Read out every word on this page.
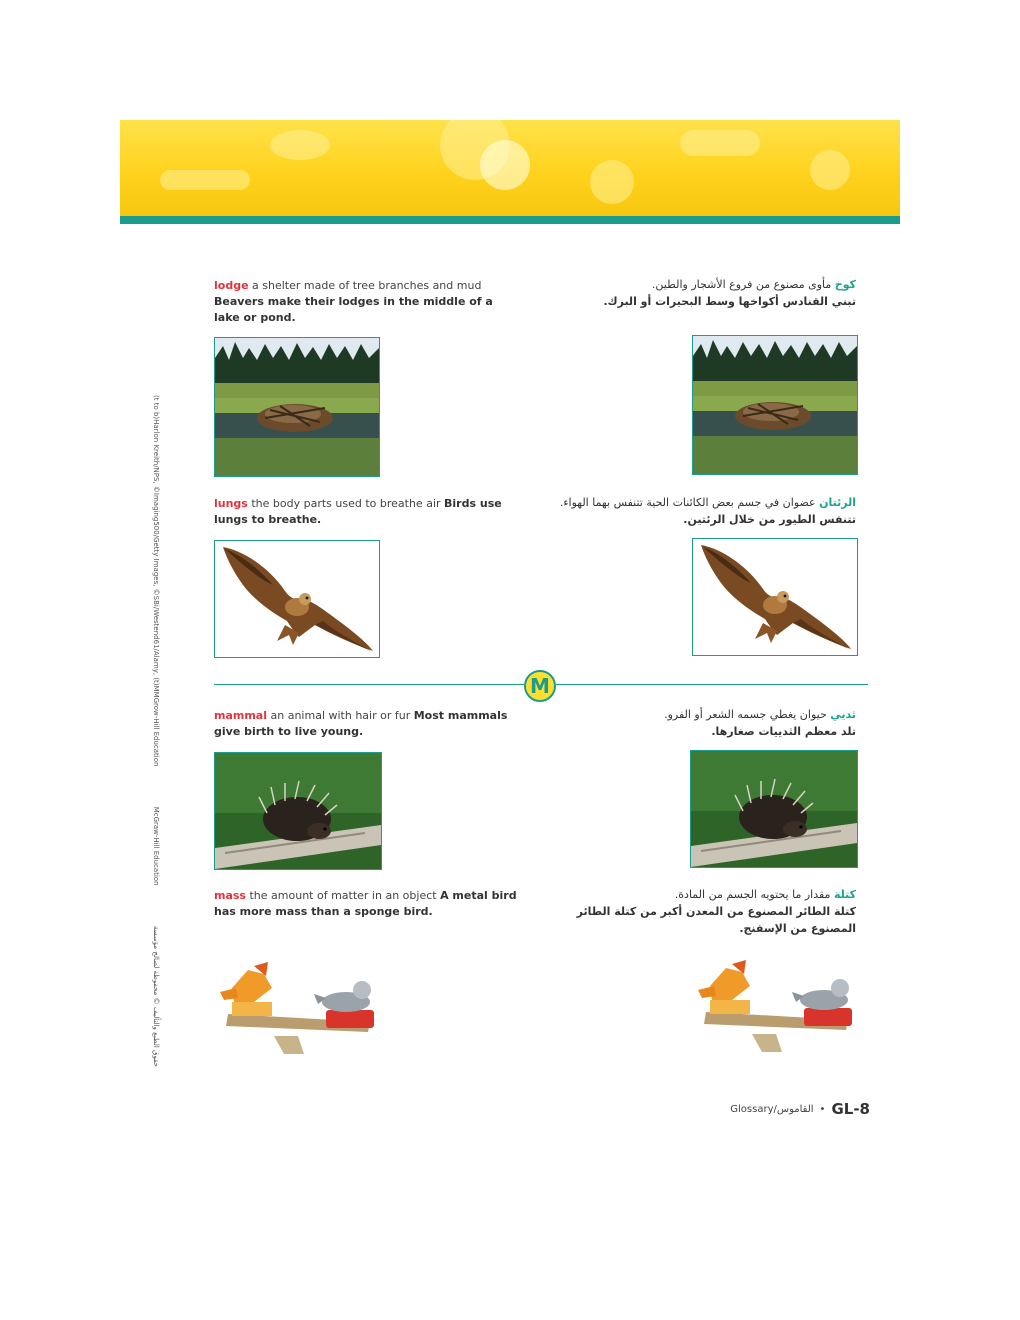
(t to b)Harlon Kreith/NPS, ©Imaging500/Getty Images, ©SBi/Westend61/Alamy, (t)MMGrow-Hill Education McGraw-Hill Education حقوق الطبع والتأليف © محفوظة لصالح مؤسسة
lodge a shelter made of tree branches and mud Beavers make their lodges in the middle of a lake or pond.
كوخ مأوى مصنوع من فروع الأشجار والطين.
تبني القنادس أكواخها وسط البحيرات أو البرك.
lungs the body parts used to breathe air Birds use lungs to breathe.
الرئتان عضوان في جسم بعض الكائنات الحية تتنفس بهما الهواء.
تتنفس الطيور من خلال الرئتين.
M
mammal an animal with hair or fur Most mammals give birth to live young.
ثديي حيوان يغطي جسمه الشعر أو الفرو.
تلد معظم الثدييات صغارها.
mass the amount of matter in an object A metal bird has more mass than a sponge bird.
كتلة مقدار ما يحتويه الجسم من المادة.
كتلة الطائر المصنوع من المعدن أكبر من كتلة الطائر المصنوع من الإسفنج.
Glossary/القاموس • GL-8
